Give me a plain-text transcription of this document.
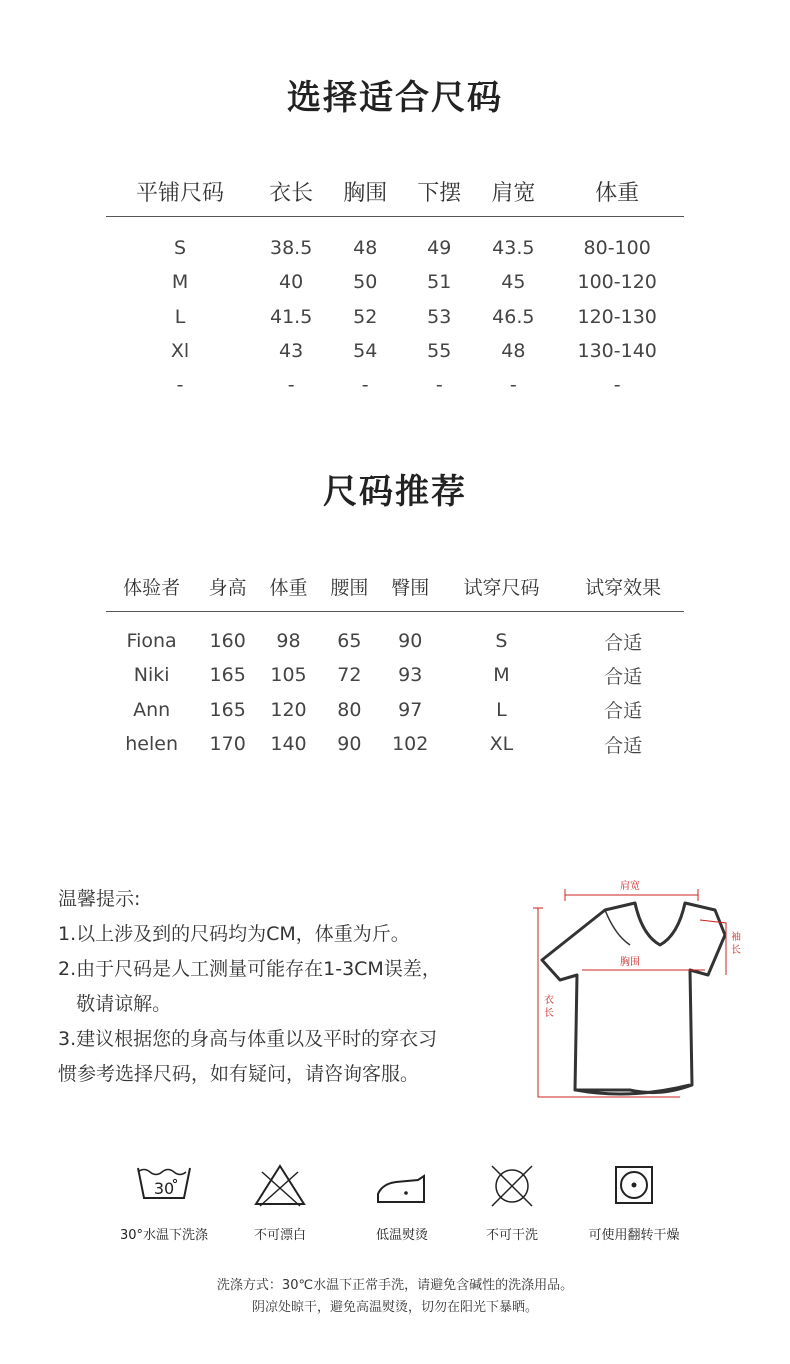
选择适合尺码
平铺尺码	衣长	胸围	下摆	肩宽	体重

S	38.5	48	49	43.5	80-100
M	40	50	51	45	100-120
L	41.5	52	53	46.5	120-130
Xl	43	54	55	48	130-140
-	-	-	-	-	-
尺码推荐
体验者	身高	体重	腰围	臀围	试穿尺码	试穿效果

Fiona	160	98	65	90	S	合适
Niki	165	105	72	93	M	合适
Ann	165	120	80	97	L	合适
helen	170	140	90	102	XL	合适
温馨提示:
1.以上涉及到的尺码均为CM，体重为斤。
2.由于尺码是人工测量可能存在1-3CM误差，
敬请谅解。
3.建议根据您的身高与体重以及平时的穿衣习
惯参考选择尺码，如有疑问，请咨询客服。
肩宽
袖
长
胸围
衣
长
30
30°水温下洗涤	不可漂白	低温熨烫	不可干洗	可使用翻转干燥
洗涤方式：30℃水温下正常手洗，请避免含碱性的洗涤用品。
阴凉处晾干，避免高温熨烫，切勿在阳光下暴晒。
